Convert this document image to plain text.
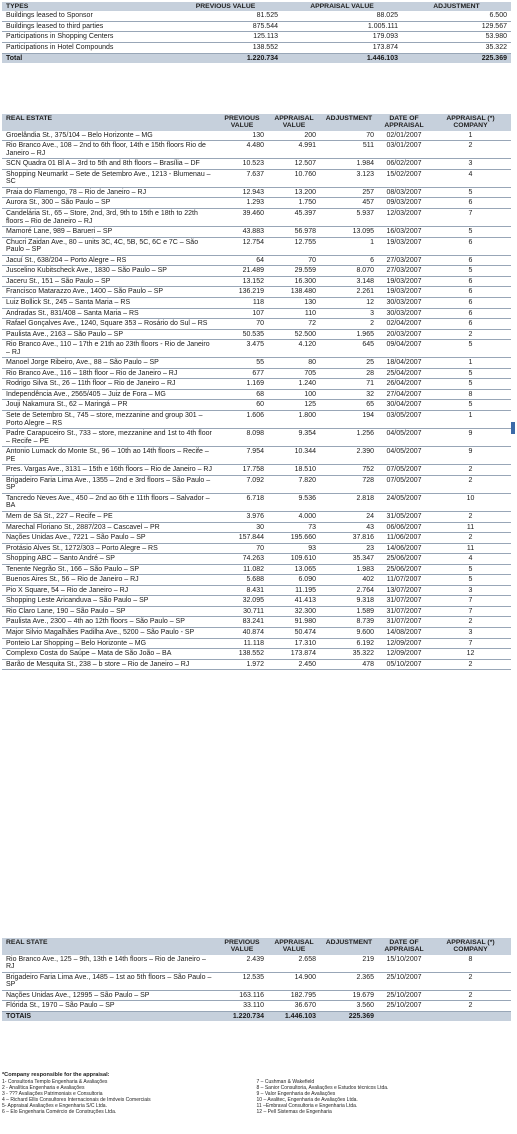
TYPES	PREVIOUS VALUE	APPRAISAL VALUE	ADJUSTMENT
Buildings leased to Sponsor	81.525	88.025	6.500
Buildings leased to third parties	875.544	1.005.111	129.567
Participations in Shopping Centers	125.113	179.093	53.980
Participations in Hotel Compounds	138.552	173.874	35.322
Total	1.220.734	1.446.103	225.369
REAL ESTATE	PREVIOUS VALUE	APPRAISAL VALUE	ADJUSTMENT	DATE OF APPRAISAL	APPRAISAL (*) COMPANY
Groelândia St., 375/104 – Belo Horizonte – MG	130	200	70	02/01/2007	1
Rio Branco Ave., 108 – 2nd to 6th floor, 14th e 15th floors Rio de Janeiro – RJ	4.480	4.991	511	03/01/2007	2
SCN Quadra 01 Bl A – 3rd to 5th and 8th floors – Brasília – DF	10.523	12.507	1.984	06/02/2007	3
Shopping Neumarkt – Sete de Setembro Ave., 1213 - Blumenau – SC	7.637	10.760	3.123	15/02/2007	4
Praia do Flamengo, 78 – Rio de Janeiro – RJ	12.943	13.200	257	08/03/2007	5
Aurora St., 300 – São Paulo – SP	1.293	1.750	457	09/03/2007	6
Candelária St., 65 – Store, 2nd, 3rd, 9th to 15th e 18th to 22th floors – Rio de Janeiro – RJ	39.460	45.397	5.937	12/03/2007	7
Mamoré Lane, 989 – Barueri – SP	43.883	56.978	13.095	16/03/2007	5
Chucri Zaidan Ave., 80 – units 3C, 4C, 5B, 5C, 6C e 7C – São Paulo – SP	12.754	12.755	1	19/03/2007	6
Jacuí St., 638/204 – Porto Alegre – RS	64	70	6	27/03/2007	6
Juscelino Kubitscheck Ave., 1830 – São Paulo – SP	21.489	29.559	8.070	27/03/2007	5
Jaceru St., 151 – São Paulo – SP	13.152	16.300	3.148	19/03/2007	6
Francisco Matarazzo Ave., 1400 – São Paulo – SP	136.219	138.480	2.261	19/03/2007	6
Luiz Bollick St., 245 – Santa Maria – RS	118	130	12	30/03/2007	6
Andradas St., 831/408 – Santa Maria – RS	107	110	3	30/03/2007	6
Rafael Gonçalves Ave., 1240, Square 353 – Rosário do Sul – RS	70	72	2	02/04/2007	6
Paulista Ave., 2163 – São Paulo – SP	50.535	52.500	1.965	20/03/2007	2
Rio Branco Ave., 110 – 17th e 21th ao 23th floors - Rio de Janeiro – RJ	3.475	4.120	645	09/04/2007	5
Manoel Jorge Ribeiro, Ave., 88 – São Paulo – SP	55	80	25	18/04/2007	1
Rio Branco Ave., 116 – 18th floor – Rio de Janeiro – RJ	677	705	28	25/04/2007	5
Rodrigo Silva St., 26 – 11th floor – Rio de Janeiro – RJ	1.169	1.240	71	26/04/2007	5
Independência Ave., 2565/405 – Juiz de Fora – MG	68	100	32	27/04/2007	8
Jouji Nakamura St., 62 – Maringá – PR	60	125	65	30/04/2007	5
Sete de Setembro St., 745 – store, mezzanine and group 301 – Porto Alegre – RS	1.606	1.800	194	03/05/2007	1
Padre Carapuceiro St., 733 – store, mezzanine and 1st to 4th floor – Recife – PE	8.098	9.354	1.256	04/05/2007	9
Antonio Lumack do Monte St., 96 – 10th ao 14th floors – Recife – PE	7.954	10.344	2.390	04/05/2007	9
Pres. Vargas Ave., 3131 – 15th e 16th floors – Rio de Janeiro – RJ	17.758	18.510	752	07/05/2007	2
Brigadeiro Faria Lima Ave., 1355 – 2nd e 3rd floors – São Paulo – SP	7.092	7.820	728	07/05/2007	2
Tancredo Neves Ave., 450 – 2nd ao 6th e 11th floors – Salvador – BA	6.718	9.536	2.818	24/05/2007	10
Mem de Sá St., 227 – Recife – PE	3.976	4.000	24	31/05/2007	2
Marechal Floriano St., 2887/203 – Cascavel – PR	30	73	43	06/06/2007	11
Nações Unidas Ave., 7221 – São Paulo – SP	157.844	195.660	37.816	11/06/2007	2
Protásio Alves St., 1272/303 – Porto Alegre – RS	70	93	23	14/06/2007	11
Shopping ABC – Santo André – SP	74.263	109.610	35.347	25/06/2007	4
Tenente Negrão St., 166 – São Paulo – SP	11.082	13.065	1.983	25/06/2007	5
Buenos Aires St., 56 – Rio de Janeiro – RJ	5.688	6.090	402	11/07/2007	5
Pio X Square, 54 – Rio de Janeiro – RJ	8.431	11.195	2.764	13/07/2007	3
Shopping Leste Aricanduva – São Paulo – SP	32.095	41.413	9.318	31/07/2007	7
Rio Claro Lane, 190 – São Paulo – SP	30.711	32.300	1.589	31/07/2007	7
Paulista Ave., 2300 – 4th ao 12th floors – São Paulo – SP	83.241	91.980	8.739	31/07/2007	2
Major Silvio Magalhães Padilha Ave., 5200 – São Paulo - SP	40.874	50.474	9.600	14/08/2007	3
Ponteio Lar Shopping – Belo Horizonte – MG	11.118	17.310	6.192	12/09/2007	7
Complexo Costa do Saúpe – Mata de São João – BA	138.552	173.874	35.322	12/09/2007	12
Barão de Mesquita St., 238 – b store – Rio de Janeiro – RJ	1.972	2.450	478	05/10/2007	2
REAL STATE	PREVIOUS VALUE	APPRAISAL VALUE	ADJUSTMENT	DATE OF APPRAISAL	APPRAISAL (*) COMPANY
Rio Branco Ave., 125 – 9th, 13th e 14th floors – Rio de Janeiro – RJ	2.439	2.658	219	15/10/2007	8
Brigadeiro Faria Lima Ave., 1485 – 1st ao 5th floors – São Paulo – SP	12.535	14.900	2.365	25/10/2007	2
Nações Unidas Ave., 12995 – São Paulo – SP	163.116	182.795	19.679	25/10/2007	2
Flórida St., 1970 – São Paulo – SP	33.110	36.670	3.560	25/10/2007	2
TOTAIS	1.220.734	1.446.103	225.369		
*Company responsible for the appraisal:
1- Consultoria Templo Engenharia & Avaliações
2 - Analítica Engenharia e Avaliações
3 - ??? Avaliações Patrimoniais e Consultoria
4 – Richard Ellis Consultores Internacionais de Imóveis Comerciais
5- Appraisal Avaliações e Engenharia S/C Ltda.
6 – Elo Engenharia Comércio de Construções Ltda.
7 – Cushman & Wakefield
8 – Sanior Consultoria, Avaliações e Estudos técnicos Ltda.
9 – Valor Engenharia de Avaliações
10 – Avalitec, Engenharia de Avaliações Ltda.
11 –Embraval Consultoria e Engenharia Ltda.
12 – Pell Sistemas de Engenharia
